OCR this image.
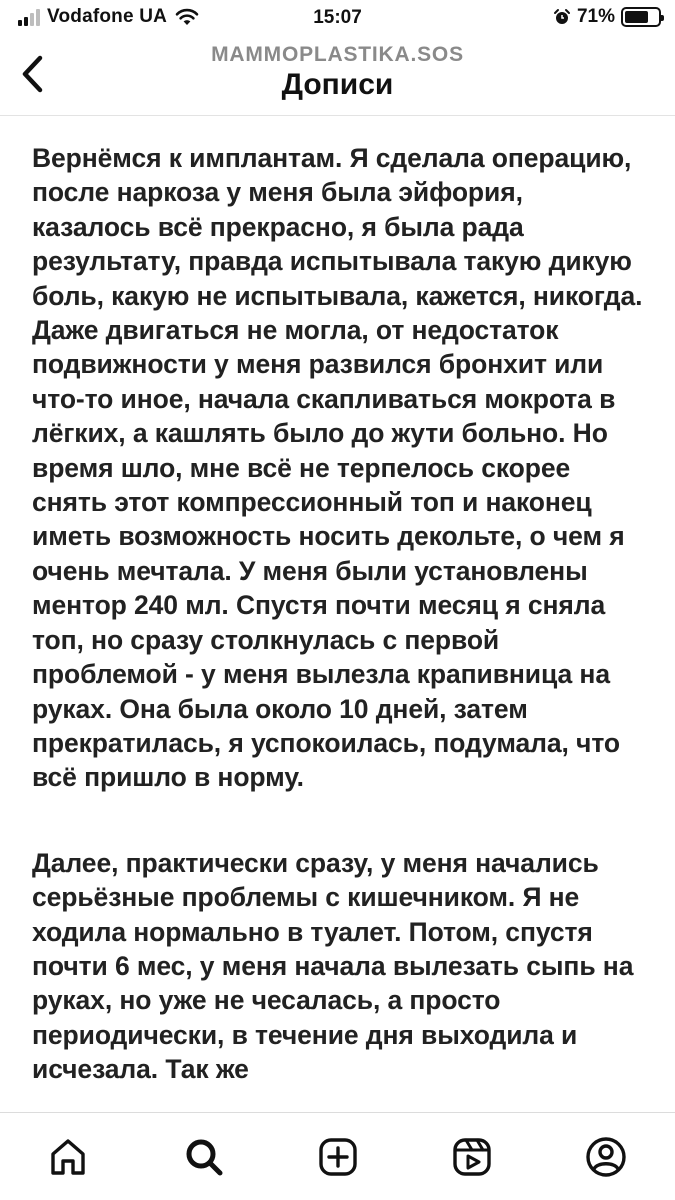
Vodafone UA	15:07	71%
MAMMOPLASTIKA.SOS
Дописи

Вернёмся к имплантам. Я сделала операцию, после наркоза у меня была эйфория, казалось всё прекрасно, я была рада результату, правда испытывала такую дикую боль, какую не испытывала, кажется, никогда. Даже двигаться не могла, от недостаток подвижности у меня развился бронхит или что-то иное, начала скапливаться мокрота в лёгких, а кашлять было до жути больно. Но время шло, мне всё не терпелось скорее снять этот компрессионный топ и наконец иметь возможность носить декольте, о чем я очень мечтала. У меня были установлены ментор 240 мл. Спустя почти месяц я сняла топ, но сразу столкнулась с первой проблемой - у меня вылезла крапивница на руках. Она была около 10 дней, затем прекратилась, я успокоилась, подумала, что всё пришло в норму.

Далее, практически сразу, у меня начались серьёзные проблемы с кишечником. Я не ходила нормально в туалет. Потом, спустя почти 6 мес, у меня начала вылезать сыпь на руках, но уже не чесалась, а просто периодически, в течение дня выходила и исчезала. Так же
